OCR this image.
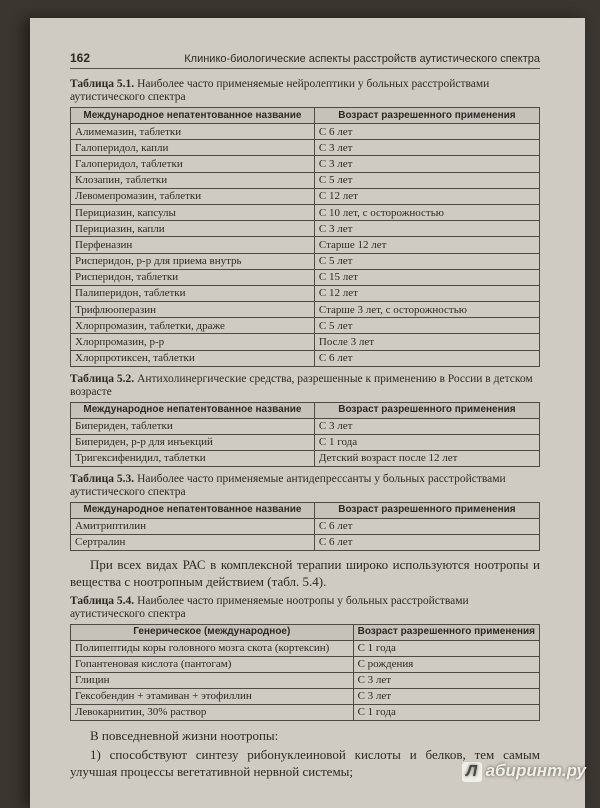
162	Клинико-биологические аспекты расстройств аутистического спектра
Таблица 5.1. Наиболее часто применяемые нейролептики у больных расстройствами аутистического спектра
Международное непатентованное название	Возраст разрешенного применения
Алимемазин, таблетки	С 6 лет
Галоперидол, капли	С 3 лет
Галоперидол, таблетки	С 3 лет
Клозапин, таблетки	С 5 лет
Левомепромазин, таблетки	С 12 лет
Перициазин, капсулы	С 10 лет, с осторожностью
Перициазин, капли	С 3 лет
Перфеназин	Старше 12 лет
Рисперидон, р-р для приема внутрь	С 5 лет
Рисперидон, таблетки	С 15 лет
Палиперидон, таблетки	С 12 лет
Трифлюоперазин	Старше 3 лет, с осторожностью
Хлорпромазин, таблетки, драже	С 5 лет
Хлорпромазин, р-р	После 3 лет
Хлорпротиксен, таблетки	С 6 лет
Таблица 5.2. Антихолинергические средства, разрешенные к применению в России в детском возрасте
Международное непатентованное название	Возраст разрешенного применения
Бипериден, таблетки	С 3 лет
Бипериден, р-р для инъекций	С 1 года
Тригексифенидил, таблетки	Детский возраст после 12 лет
Таблица 5.3. Наиболее часто применяемые антидепрессанты у больных расстройствами аутистического спектра
Международное непатентованное название	Возраст разрешенного применения
Амитриптилин	С 6 лет
Сертралин	С 6 лет

При всех видах РАС в комплексной терапии широко используются ноотропы и вещества с ноотропным действием (табл. 5.4).

Таблица 5.4. Наиболее часто применяемые ноотропы у больных расстройствами аутистического спектра
Генерическое (международное)	Возраст разрешенного применения
Полипептиды коры головного мозга скота (кортексин)	С 1 года
Гопантеновая кислота (пантогам)	С рождения
Глицин	С 3 лет
Гексобендин + этамиван + этофиллин	С 3 лет
Левокарнитин, 30% раствор	С 1 года

В повседневной жизни ноотропы:

1) способствуют синтезу рибонуклеиновой кислоты и белков, тем самым улучшая процессы вегетативной нервной системы;	Л абиринт.ру
